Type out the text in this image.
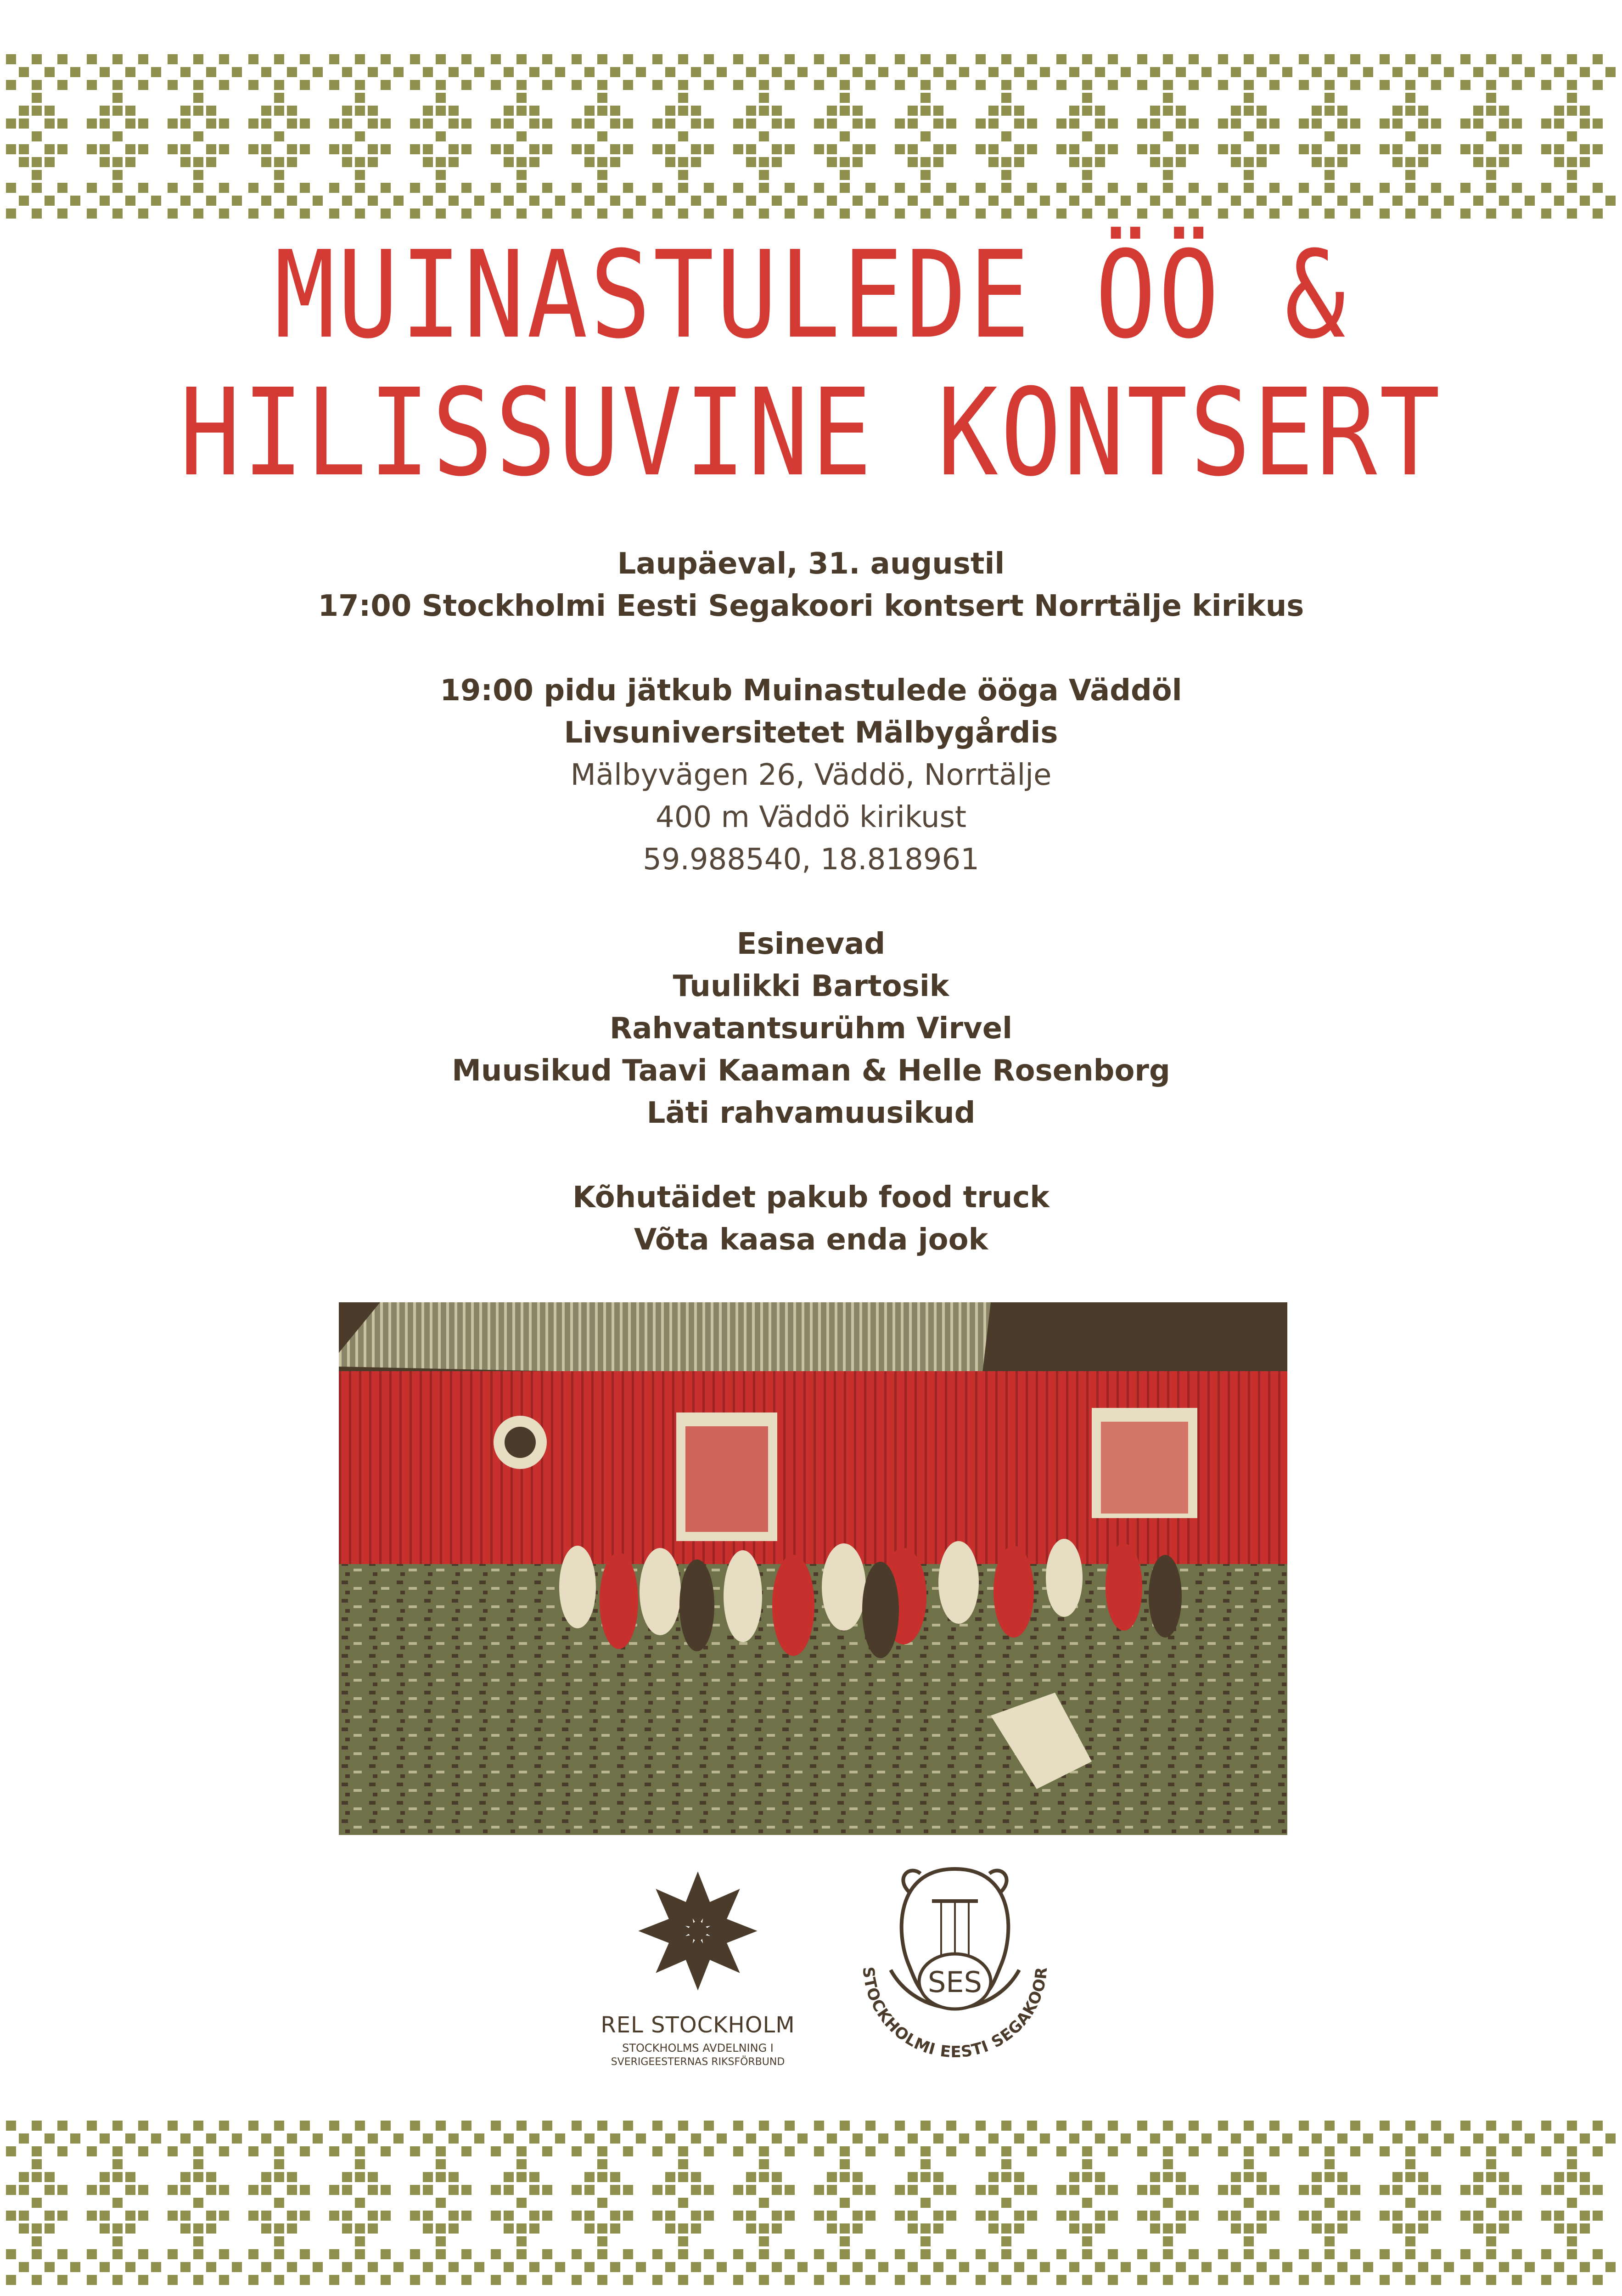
MUINASTULEDE ÖÖ &
HILISSUVINE KONTSERT
Laupäeval, 31. augustil
17:00 Stockholmi Eesti Segakoori kontsert Norrtälje kirikus
19:00 pidu jätkub Muinastulede ööga Väddöl
Livsuniversitetet Mälbygårdis
Mälbyvägen 26, Väddö, Norrtälje
400 m Väddö kirikust
59.988540, 18.818961
Esinevad
Tuulikki Bartosik
Rahvatantsurühm Virvel
Muusikud Taavi Kaaman & Helle Rosenborg
Läti rahvamuusikud
Kõhutäidet pakub food truck
Võta kaasa enda jook
REL STOCKHOLM
STOCKHOLMS AVDELNING I
SVERIGEESTERNAS RIKSFÖRBUND
SES
STOCKHOLMI EESTI SEGAKOOR
